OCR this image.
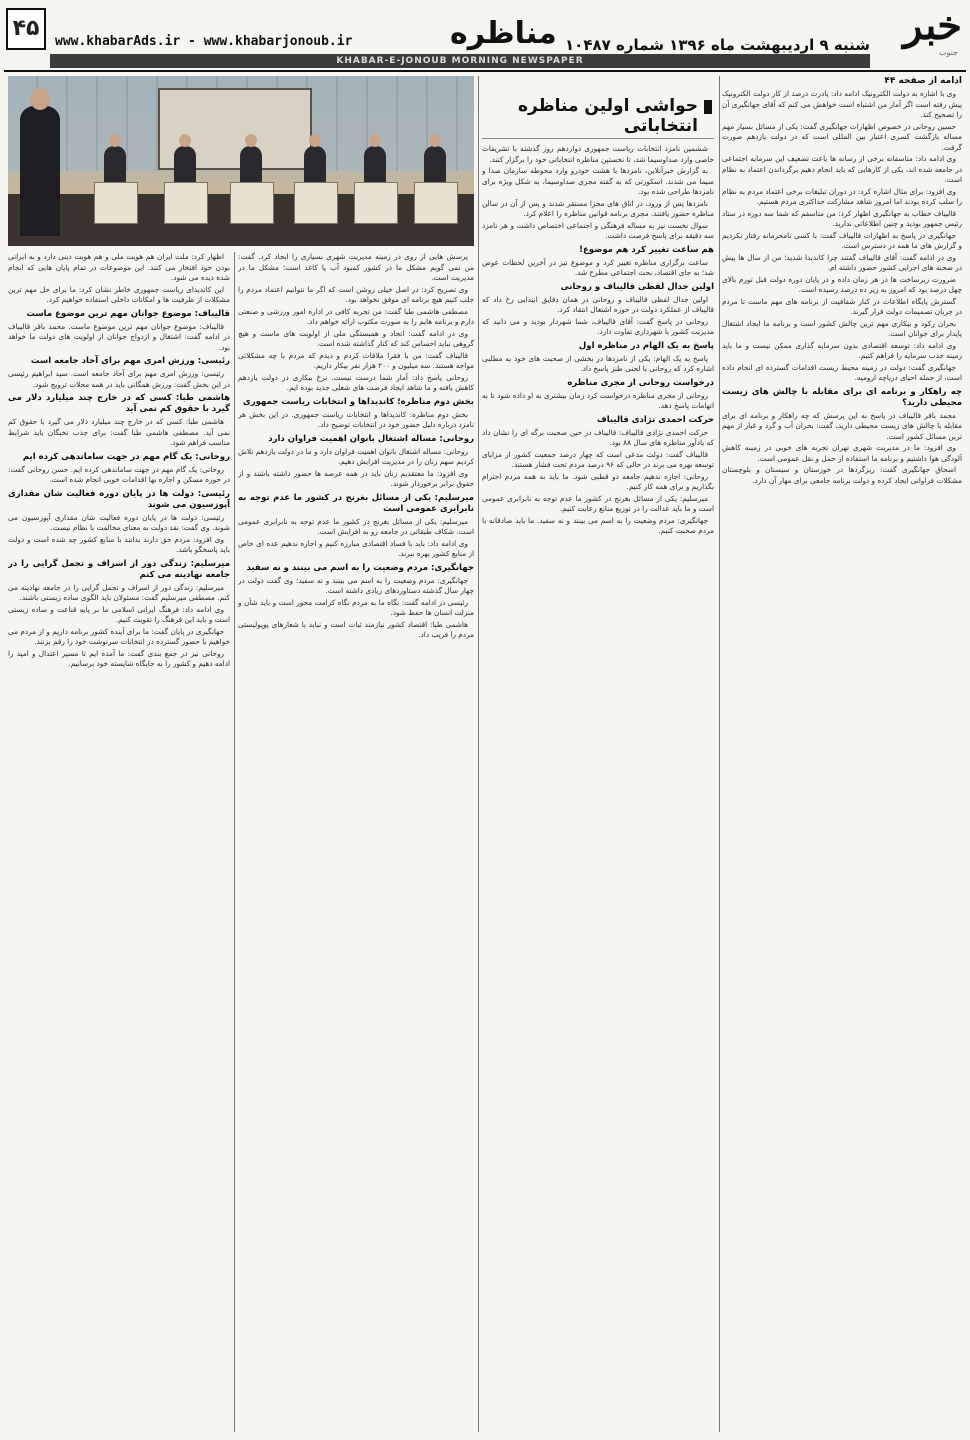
خبر
جنوب
شنبه ۹ اردیبهشت ماه ۱۳۹۶ شماره ۱۰۴۸۷
مناظره
www.khabarAds.ir - www.khabarjonoub.ir
۴۵
KHABAR-E-JONOUB MORNING NEWSPAPER
ادامه از صفحه ۴۴

وی با اشاره به دولت الکترونیک ادامه داد: پادرت درصد از کار دولت الکترونیک پیش رفته است اگر آمار من اشتباه است خواهش می کنم که آقای جهانگیری آن را تصحیح کند.

حسین روحانی در خصوص اظهارات جهانگیری گفت: یکی از مسائل بسیار مهم مساله بازگشت کسری اعتبار بین المللی است که در دولت یازدهم صورت گرفت.

وی ادامه داد: متاسفانه برخی از رسانه ها باعث تضعیف این سرمایه اجتماعی در جامعه شده اند، یکی از کارهایی که باید انجام دهیم برگرداندن اعتماد به نظام است.

وی افزود: برای مثال اشاره کرد: در دوران تبلیغات برخی اعتماد مردم به نظام را سلب کرده بودند اما امروز شاهد مشارکت حداکثری مردم هستیم.

قالیباف خطاب به جهانگیری اظهار کرد: من متاسفم که شما سه دوره در ستاد رئیس جمهور بودید و چنین اطلاعاتی ندارید.

جهانگیری در پاسخ به اظهارات قالیباف گفت: با کسی نامحرمانه رفتار نکردیم و گزارش های ما همه در دسترس است.

وی در ادامه گفت: آقای قالیباف گفتند چرا کاندیدا شدید؛ من از سال ها پیش در صحنه های اجرایی کشور حضور داشته ام.

ضرورت زیرساخت ها در هر زمان داده و در پایان دوره دولت قبل تورم بالای چهل درصد بود که امروز به زیر ده درصد رسیده است.

گسترش پایگاه اطلاعات در کنار شفافیت از برنامه های مهم ماست تا مردم در جریان تصمیمات دولت قرار گیرند.

بحران رکود و بیکاری مهم ترین چالش کشور است و برنامه ما ایجاد اشتغال پایدار برای جوانان است.

وی ادامه داد: توسعه اقتصادی بدون سرمایه گذاری ممکن نیست و ما باید زمینه جذب سرمایه را فراهم کنیم.

جهانگیری گفت: دولت در زمینه محیط زیست اقدامات گسترده ای انجام داده است، از جمله احیای دریاچه ارومیه.

چه راهکار و برنامه ای برای مقابله با چالش های زیست محیطی دارید؟

محمد باقر قالیباف در پاسخ به این پرسش که چه راهکار و برنامه ای برای مقابله با چالش های زیست محیطی دارید، گفت: بحران آب و گرد و غبار از مهم ترین مسائل کشور است.

وی افزود: ما در مدیریت شهری تهران تجربه های خوبی در زمینه کاهش آلودگی هوا داشتیم و برنامه ما استفاده از حمل و نقل عمومی است.

اسحاق جهانگیری گفت: ریزگردها در خوزستان و سیستان و بلوچستان مشکلات فراوانی ایجاد کرده و دولت برنامه جامعی برای مهار آن دارد.

حواشی اولین مناظره انتخاباتی

ششمین نامزد انتخابات ریاست جمهوری دوازدهم روز گذشته با تشریفات خاصی وارد صداوسیما شد، تا نخستین مناظره انتخاباتی خود را برگزار کنند.

به گزارش خبرآنلاین، نامزدها با هشت خودرو وارد محوطه سازمان صدا و سیما می شدند. اسکورتی که به گفته مجری صداوسیما، به شکل ویژه برای نامزدها طراحی شده بود.

نامزدها پس از ورود، در اتاق های مجزا مستقر شدند و پس از آن در سالن مناظره حضور یافتند. مجری برنامه قوانین مناظره را اعلام کرد.

سوال نخست نیز به مساله فرهنگی و اجتماعی اختصاص داشت و هر نامزد سه دقیقه برای پاسخ فرصت داشت.

هم ساعت تغییر کرد هم موضوع!

ساعت برگزاری مناظره تغییر کرد و موضوع نیز در آخرین لحظات عوض شد؛ به جای اقتصاد، بحث اجتماعی مطرح شد.

اولین جدال لفظی قالیباف و روحانی

اولین جدال لفظی قالیباف و روحانی در همان دقایق ابتدایی رخ داد که قالیباف از عملکرد دولت در حوزه اشتغال انتقاد کرد.

روحانی در پاسخ گفت: آقای قالیباف، شما شهردار بودید و می دانید که مدیریت کشور با شهرداری تفاوت دارد.

پاسخ به یک الهام در مناظره اول

پاسخ به یک الهام: یکی از نامزدها در بخشی از صحبت های خود به مطلبی اشاره کرد که روحانی با لحنی طنز پاسخ داد.

درخواست روحانی از مجری مناظره

روحانی از مجری مناظره درخواست کرد زمان بیشتری به او داده شود تا به اتهامات پاسخ دهد.

حرکت احمدی نژادی قالیباف

حرکت احمدی نژادی قالیباف: قالیباف در حین صحبت برگه ای را نشان داد که یادآور مناظره های سال ۸۸ بود.

قالیباف گفت: دولت مدعی است که چهار درصد جمعیت کشور از مزایای توسعه بهره می برند در حالی که ۹۶ درصد مردم تحت فشار هستند.

روحانی: اجازه ندهیم جامعه دو قطبی شود. ما باید به همه مردم احترام بگذاریم و برای همه کار کنیم.

میرسلیم: یکی از مسائل بغرنج در کشور ما عدم توجه به نابرابری عمومی است و ما باید عدالت را در توزیع منابع رعایت کنیم.

جهانگیری: مردم وضعیت را به اسم می بینند و نه سفید. ما باید صادقانه با مردم صحبت کنیم.

پرسش هایی از روی در زمینه مدیریت شهری بسیاری را ایجاد کرد. گفت: من نمی گویم مشکل ما در کشور کمبود آب یا کاغذ است؛ مشکل ما در مدیریت است.

وی تصریح کرد: در اصل خیلی روشن است که اگر ما نتوانیم اعتماد مردم را جلب کنیم هیچ برنامه ای موفق نخواهد بود.

مصطفی هاشمی طبا گفت: من تجربه کافی در اداره امور ورزشی و صنعتی دارم و برنامه هایم را به صورت مکتوب ارائه خواهم داد.

وی در ادامه گفت: اتحاد و همبستگی ملی از اولویت های ماست و هیچ گروهی نباید احساس کند که کنار گذاشته شده است.

قالیباف گفت: من با فقرا ملاقات کردم و دیدم که مردم با چه مشکلاتی مواجه هستند. سه میلیون و ۲۰۰ هزار نفر بیکار داریم.

روحانی پاسخ داد: آمار شما درست نیست. نرخ بیکاری در دولت یازدهم کاهش یافته و ما شاهد ایجاد فرصت های شغلی جدید بوده ایم.

بخش دوم مناظره؛ کاندیداها و انتخابات ریاست جمهوری

بخش دوم مناظره: کاندیداها و انتخابات ریاست جمهوری. در این بخش هر نامزد درباره دلیل حضور خود در انتخابات توضیح داد.

روحانی: مساله اشتغال بانوان اهمیت فراوان دارد

روحانی: مساله اشتغال بانوان اهمیت فراوان دارد و ما در دولت یازدهم تلاش کردیم سهم زنان را در مدیریت افزایش دهیم.

وی افزود: ما معتقدیم زنان باید در همه عرصه ها حضور داشته باشند و از حقوق برابر برخوردار شوند.

میرسلیم: یکی از مسائل بغرنج در کشور ما عدم توجه به نابرابری عمومی است

میرسلیم: یکی از مسائل بغرنج در کشور ما عدم توجه به نابرابری عمومی است. شکاف طبقاتی در جامعه رو به افزایش است.

وی ادامه داد: باید با فساد اقتصادی مبارزه کنیم و اجازه ندهیم عده ای خاص از منابع کشور بهره ببرند.

جهانگیری: مردم وضعیت را به اسم می بینند و نه سفید

جهانگیری: مردم وضعیت را به اسم می بینند و نه سفید؛ وی گفت دولت در چهار سال گذشته دستاوردهای زیادی داشته است.

رئیسی در ادامه گفت: نگاه ما به مردم نگاه کرامت محور است و باید شأن و منزلت انسان ها حفظ شود.

هاشمی طبا: اقتصاد کشور نیازمند ثبات است و نباید با شعارهای پوپولیستی مردم را فریب داد.

اظهار کرد: ملت ایران هم هویت ملی و هم هویت دینی دارد و به ایرانی بودن خود افتخار می کنند. این موضوعات در تمام پایان هایی که انجام شده دیده می شود.

این کاندیدای ریاست جمهوری خاطر نشان کرد: ما برای حل مهم ترین مشکلات از ظرفیت ها و امکانات داخلی استفاده خواهیم کرد.

قالیباف: موضوع جوانان مهم ترین موضوع ماست

قالیباف: موضوع جوانان مهم ترین موضوع ماست. محمد باقر قالیباف در ادامه گفت: اشتغال و ازدواج جوانان از اولویت های دولت ما خواهد بود.

رئیسی: ورزش امری مهم برای آحاد جامعه است

رئیسی: ورزش امری مهم برای آحاد جامعه است. سید ابراهیم رئیسی در این بخش گفت: ورزش همگانی باید در همه محلات ترویج شود.

هاشمی طبا: کسی که در خارج چند میلیارد دلار می گیرد با حقوق کم نمی آید

هاشمی طبا: کسی که در خارج چند میلیارد دلار می گیرد با حقوق کم نمی آید. مصطفی هاشمی طبا گفت: برای جذب نخبگان باید شرایط مناسب فراهم شود.

روحانی: یک گام مهم در جهت ساماندهی کرده ایم

روحانی: یک گام مهم در جهت ساماندهی کرده ایم. حسن روحانی گفت: در حوزه مسکن و اجاره بها اقدامات خوبی انجام شده است.

رئیسی: دولت ها در پایان دوره فعالیت شان مقداری آپوزسیون می شوند

رئیسی: دولت ها در پایان دوره فعالیت شان مقداری آپوزسیون می شوند. وی گفت: نقد دولت به معنای مخالفت با نظام نیست.

وی افزود: مردم حق دارند بدانند با منابع کشور چه شده است و دولت باید پاسخگو باشد.

میرسلیم: زندگی دور از اسراف و تجمل گرایی را در جامعه نهادینه می کنم

میرسلیم: زندگی دور از اسراف و تجمل گرایی را در جامعه نهادینه می کنم. مصطفی میرسلیم گفت: مسئولان باید الگوی ساده زیستی باشند.

وی ادامه داد: فرهنگ ایرانی اسلامی ما بر پایه قناعت و ساده زیستی است و باید این فرهنگ را تقویت کنیم.

جهانگیری در پایان گفت: ما برای آینده کشور برنامه داریم و از مردم می خواهیم با حضور گسترده در انتخابات سرنوشت خود را رقم بزنند.

روحانی نیز در جمع بندی گفت: ما آمده ایم تا مسیر اعتدال و امید را ادامه دهیم و کشور را به جایگاه شایسته خود برسانیم.
